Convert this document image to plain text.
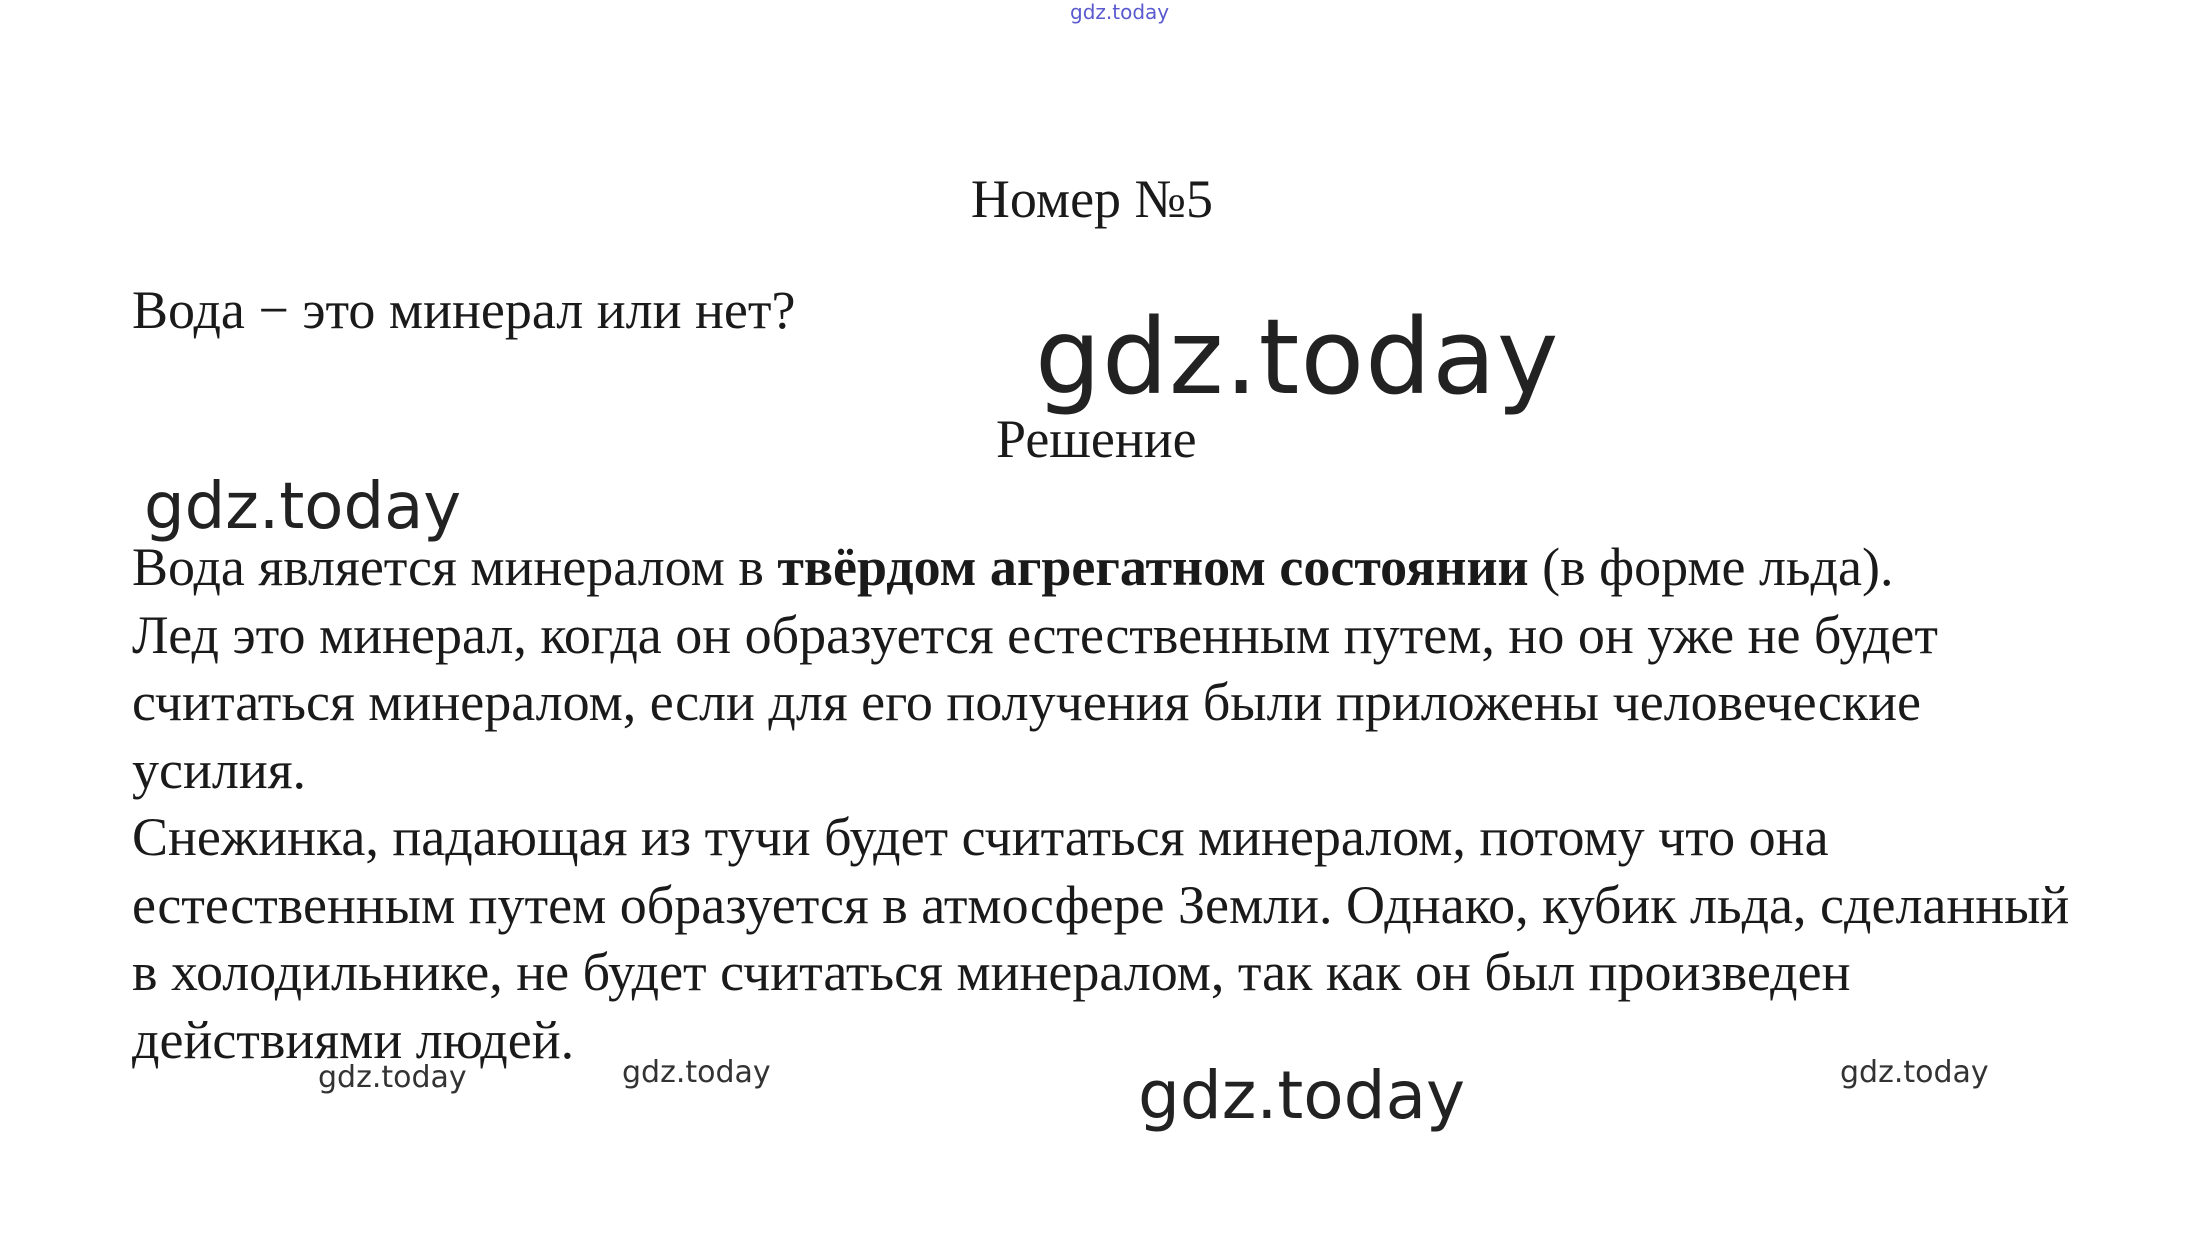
gdz.today
Номер №5
Вода − это минерал или нет? gdz.today
Решение
gdz.today

Вода является минералом в твёрдом агрегатном состоянии (в форме льда).

Лед это минерал, когда он образуется естественным путем, но он уже не будет считаться минералом, если для его получения были приложены человеческие усилия.

Снежинка, падающая из тучи будет считаться минералом, потому что она естественным путем образуется в атмосфере Земли. Однако, кубик льда, сделанный в холодильнике, не будет считаться минералом, так как он был произведен действиями людей.

gdz.today	gdz.today	gdz.today
gdz.today
